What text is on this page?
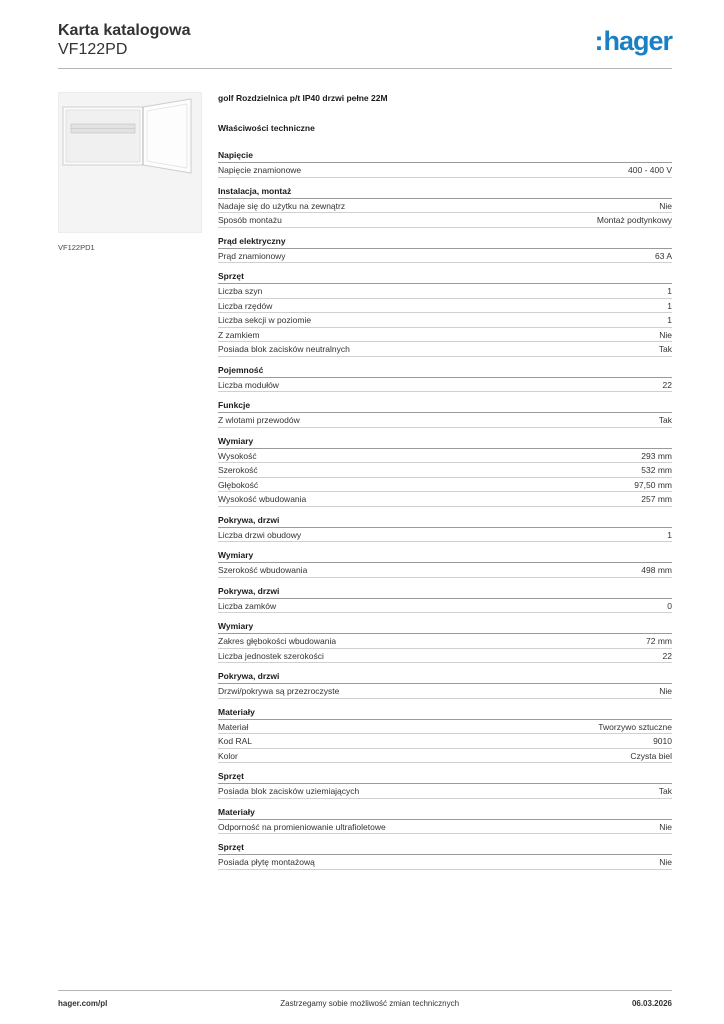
Karta katalogowa
VF122PD	:hager
VF122PD1
golf Rozdzielnica p/t IP40 drzwi pełne 22M
Właściwości techniczne
Napięcie
Napięcie znamionowe	400 - 400 V
Instalacja, montaż
Nadaje się do użytku na zewnątrz	Nie
Sposób montażu	Montaż podtynkowy
Prąd elektryczny
Prąd znamionowy	63 A
Sprzęt
Liczba szyn	1
Liczba rzędów	1
Liczba sekcji w poziomie	1
Z zamkiem	Nie
Posiada blok zacisków neutralnych	Tak
Pojemność
Liczba modułów	22
Funkcje
Z wlotami przewodów	Tak
Wymiary
Wysokość	293 mm
Szerokość	532 mm
Głębokość	97,50 mm
Wysokość wbudowania	257 mm
Pokrywa, drzwi
Liczba drzwi obudowy	1
Wymiary
Szerokość wbudowania	498 mm
Pokrywa, drzwi
Liczba zamków	0
Wymiary
Zakres głębokości wbudowania	72 mm
Liczba jednostek szerokości	22
Pokrywa, drzwi
Drzwi/pokrywa są przezroczyste	Nie
Materiały
Materiał	Tworzywo sztuczne
Kod RAL	9010
Kolor	Czysta biel
Sprzęt
Posiada blok zacisków uziemiających	Tak
Materiały
Odporność na promieniowanie ultrafioletowe	Nie
Sprzęt
Posiada płytę montażową	Nie
hager.com/pl	Zastrzegamy sobie możliwość zmian technicznych	06.03.2026
